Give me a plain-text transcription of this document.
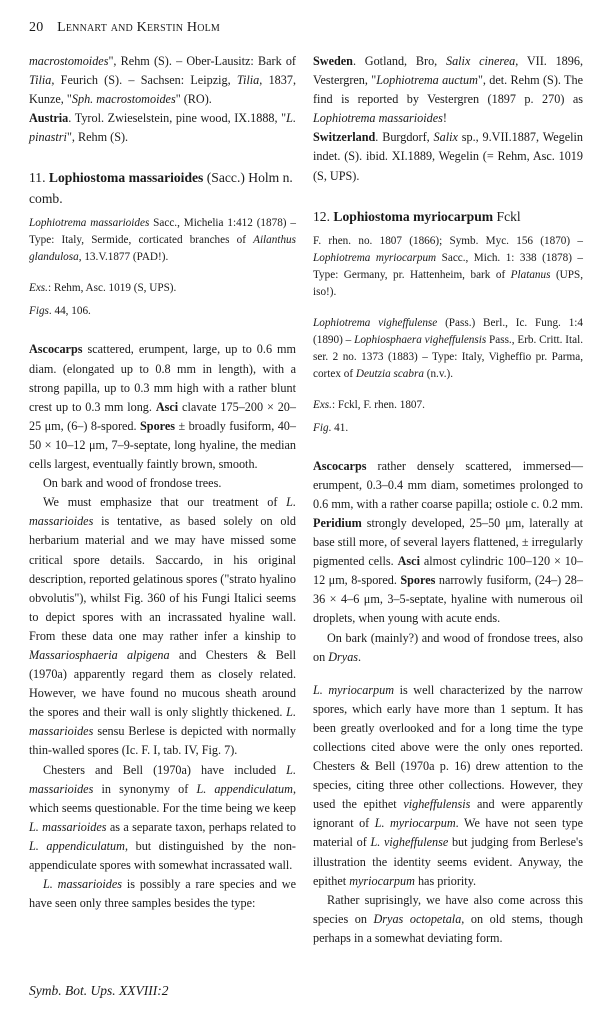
20 Lennart and Kerstin Holm

macrostomoides", Rehm (S). – Ober-Lausitz: Bark of Tilia, Feurich (S). – Sachsen: Leipzig, Tilia, 1837, Kunze, "Sph. macrostomoides" (RO).

Austria. Tyrol. Zwieselstein, pine wood, IX.1888, "L. pinastri", Rehm (S).

11. Lophiostoma massarioides (Sacc.) Holm n. comb.

Lophiotrema massarioides Sacc., Michelia 1:412 (1878) – Type: Italy, Sermide, corticated branches of Ailanthus glandulosa, 13.V.1877 (PAD!).

Exs.: Rehm, Asc. 1019 (S, UPS).

Figs. 44, 106.

Ascocarps scattered, erumpent, large, up to 0.6 mm diam. (elongated up to 0.8 mm in length), with a strong papilla, up to 0.3 mm high with a rather blunt crest up to 0.3 mm long. Asci clavate 175–200 × 20–25 μm, (6–) 8-spored. Spores ± broadly fusiform, 40–50 × 10–12 μm, 7–9-septate, long hyaline, the median cells largest, eventually faintly brown, smooth.

On bark and wood of frondose trees.

We must emphasize that our treatment of L. massarioides is tentative, as based solely on old herbarium material and we may have missed some critical spore details. Saccardo, in his original description, reported gelatinous spores ("strato hyalino obvolutis"), whilst Fig. 360 of his Fungi Italici seems to depict spores with an incrassated hyaline wall. From these data one may rather infer a kinship to Massariosphaeria alpigena and Chesters & Bell (1970a) apparently regard them as closely related. However, we have found no mucous sheath around the spores and their wall is only slightly thickened. L. massarioides sensu Berlese is depicted with normally thin-walled spores (Ic. F. I, tab. IV, Fig. 7).

Chesters and Bell (1970a) have included L. massarioides in synonymy of L. appendiculatum, which seems questionable. For the time being we keep L. massarioides as a separate taxon, perhaps related to L. appendiculatum, but distinguished by the non-appendiculate spores with somewhat incrassated wall.

L. massarioides is possibly a rare species and we have seen only three samples besides the type:

Sweden. Gotland, Bro, Salix cinerea, VII. 1896, Vestergren, "Lophiotrema auctum", det. Rehm (S). The find is reported by Vestergren (1897 p. 270) as Lophiotrema massarioides!

Switzerland. Burgdorf, Salix sp., 9.VII.1887, Wegelin indet. (S). ibid. XI.1889, Wegelin (= Rehm, Asc. 1019 (S, UPS).

12. Lophiostoma myriocarpum Fckl

F. rhen. no. 1807 (1866); Symb. Myc. 156 (1870) – Lophiotrema myriocarpum Sacc., Mich. 1: 338 (1878) – Type: Germany, pr. Hattenheim, bark of Platanus (UPS, iso!).

Lophiotrema vigheffulense (Pass.) Berl., Ic. Fung. 1:4 (1890) – Lophiosphaera vigheffulensis Pass., Erb. Critt. Ital. ser. 2 no. 1373 (1883) – Type: Italy, Vigheffio pr. Parma, cortex of Deutzia scabra (n.v.).

Exs.: Fckl, F. rhen. 1807.

Fig. 41.

Ascocarps rather densely scattered, immersed––erumpent, 0.3–0.4 mm diam, sometimes prolonged to 0.6 mm, with a rather coarse papilla; ostiole c. 0.2 mm. Peridium strongly developed, 25–50 μm, laterally at base still more, of several layers flattened, ± irregularly pigmented cells. Asci almost cylindric 100–120 × 10–12 μm, 8-spored. Spores narrowly fusiform, (24–) 28–36 × 4–6 μm, 3–5-septate, hyaline with numerous oil droplets, when young with acute ends.

On bark (mainly?) and wood of frondose trees, also on Dryas.

L. myriocarpum is well characterized by the narrow spores, which early have more than 1 septum. It has been greatly overlooked and for a long time the type collections cited above were the only ones reported. Chesters & Bell (1970a p. 16) drew attention to the species, citing three other collections. However, they used the epithet vigheffulensis and were apparently ignorant of L. myriocarpum. We have not seen type material of L. vigheffulense but judging from Berlese's illustration the identity seems evident. Anyway, the epithet myriocarpum has priority.

Rather suprisingly, we have also come across this species on Dryas octopetala, on old stems, though perhaps in a somewhat deviating form.

Symb. Bot. Ups. XXVIII:2
